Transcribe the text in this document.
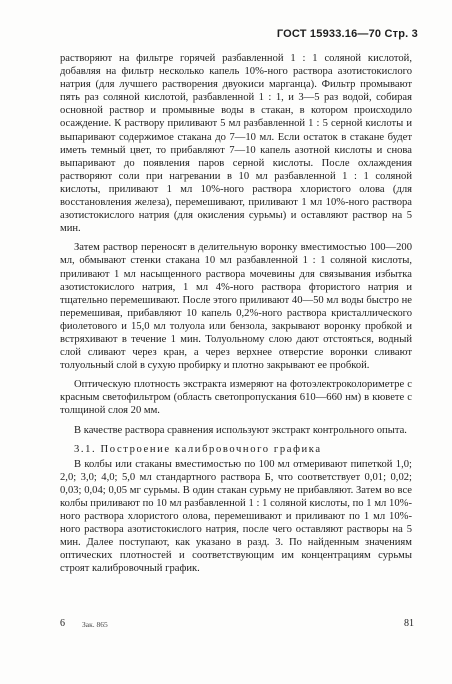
ГОСТ 15933.16—70 Стр. 3

растворяют на фильтре горячей разбавленной 1 : 1 соляной кислотой, добавляя на фильтр несколько капель 10%-ного раствора азотистокислого натрия (для лучшего растворения двуокиси марганца). Фильтр промывают пять раз соляной кислотой, разбавленной 1 : 1, и 3—5 раз водой, собирая основной раствор и промывные воды в стакан, в котором происходило осаждение. К раствору приливают 5 мл разбавленной 1 : 5 серной кислоты и выпаривают содержимое стакана до 7—10 мл. Если остаток в стакане будет иметь темный цвет, то прибавляют 7—10 капель азотной кислоты и снова выпаривают до появления паров серной кислоты. После охлаждения растворяют соли при нагревании в 10 мл разбавленной 1 : 1 соляной кислоты, приливают 1 мл 10%-ного раствора хлористого олова (для восстановления железа), перемешивают, приливают 1 мл 10%-ного раствора азотистокислого натрия (для окисления сурьмы) и оставляют раствор на 5 мин.

Затем раствор переносят в делительную воронку вместимостью 100—200 мл, обмывают стенки стакана 10 мл разбавленной 1 : 1 соляной кислоты, приливают 1 мл насыщенного раствора мочевины для связывания избытка азотистокислого натрия, 1 мл 4%-ного раствора фтористого натрия и тщательно перемешивают. После этого приливают 40—50 мл воды быстро не перемешивая, прибавляют 10 капель 0,2%-ного раствора кристаллического фиолетового и 15,0 мл толуола или бензола, закрывают воронку пробкой и встряхивают в течение 1 мин. Толуольному слою дают отстояться, водный слой сливают через кран, а через верхнее отверстие воронки сливают толуольный слой в сухую пробирку и плотно закрывают ее пробкой.

Оптическую плотность экстракта измеряют на фотоэлектроколориметре с красным светофильтром (область светопропускания 610—660 нм) в кювете с толщиной слоя 20 мм.

В качестве раствора сравнения используют экстракт контрольного опыта.

3.1. Построение калибровочного графика

В колбы или стаканы вместимостью по 100 мл отмеривают пипеткой 1,0; 2,0; 3,0; 4,0; 5,0 мл стандартного раствора Б, что соответствует 0,01; 0,02; 0,03; 0,04; 0,05 мг сурьмы. В один стакан сурьму не прибавляют. Затем во все колбы приливают по 10 мл разбавленной 1 : 1 соляной кислоты, по 1 мл 10%-ного раствора хлористого олова, перемешивают и приливают по 1 мл 10%-ного раствора азотистокислого натрия, после чего оставляют растворы на 5 мин. Далее поступают, как указано в разд. 3. По найденным значениям оптических плотностей и соответствующим им концентрациям сурьмы строят калибровочный график.

6 Зак. 865	81
